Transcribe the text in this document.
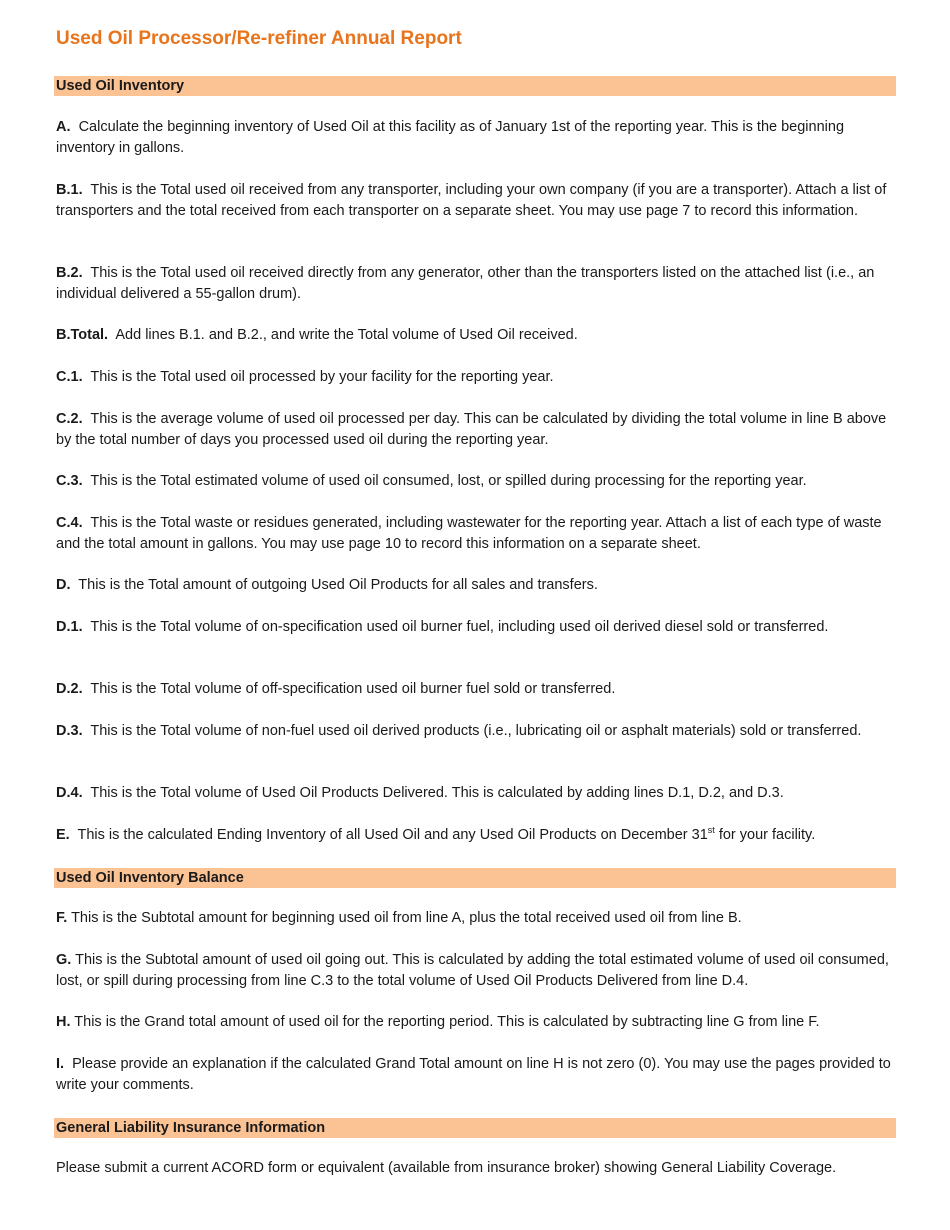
Used Oil Processor/Re-refiner Annual Report
Used Oil Inventory

A. Calculate the beginning inventory of Used Oil at this facility as of January 1st of the reporting year. This is the beginning inventory in gallons.

B.1. This is the Total used oil received from any transporter, including your own company (if you are a transporter). Attach a list of transporters and the total received from each transporter on a separate sheet. You may use page 7 to record this information.

B.2. This is the Total used oil received directly from any generator, other than the transporters listed on the attached list (i.e., an individual delivered a 55-gallon drum).

B.Total. Add lines B.1. and B.2., and write the Total volume of Used Oil received.

C.1. This is the Total used oil processed by your facility for the reporting year.

C.2. This is the average volume of used oil processed per day. This can be calculated by dividing the total volume in line B above by the total number of days you processed used oil during the reporting year.

C.3. This is the Total estimated volume of used oil consumed, lost, or spilled during processing for the reporting year.

C.4. This is the Total waste or residues generated, including wastewater for the reporting year. Attach a list of each type of waste and the total amount in gallons. You may use page 10 to record this information on a separate sheet.

D. This is the Total amount of outgoing Used Oil Products for all sales and transfers.

D.1. This is the Total volume of on-specification used oil burner fuel, including used oil derived diesel sold or transferred.

D.2. This is the Total volume of off-specification used oil burner fuel sold or transferred.

D.3. This is the Total volume of non-fuel used oil derived products (i.e., lubricating oil or asphalt materials) sold or transferred.

D.4. This is the Total volume of Used Oil Products Delivered. This is calculated by adding lines D.1, D.2, and D.3.

E. This is the calculated Ending Inventory of all Used Oil and any Used Oil Products on December 31st for your facility.

Used Oil Inventory Balance

F. This is the Subtotal amount for beginning used oil from line A, plus the total received used oil from line B.

G. This is the Subtotal amount of used oil going out. This is calculated by adding the total estimated volume of used oil consumed, lost, or spill during processing from line C.3 to the total volume of Used Oil Products Delivered from line D.4.

H. This is the Grand total amount of used oil for the reporting period. This is calculated by subtracting line G from line F.

I. Please provide an explanation if the calculated Grand Total amount on line H is not zero (0). You may use the pages provided to write your comments.

General Liability Insurance Information

Please submit a current ACORD form or equivalent (available from insurance broker) showing General Liability Coverage.
